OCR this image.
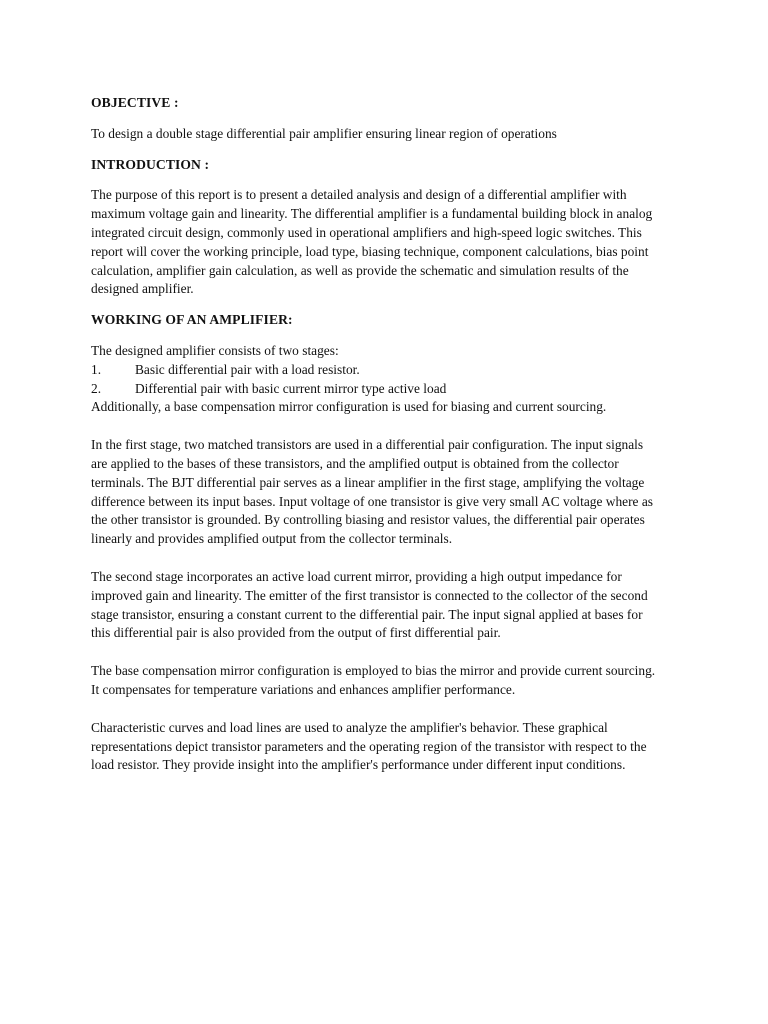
OBJECTIVE :

To design a double stage differential pair amplifier ensuring linear region of operations

INTRODUCTION :

The purpose of this report is to present a detailed analysis and design of a differential amplifier with
maximum voltage gain and linearity. The differential amplifier is a fundamental building block in analog
integrated circuit design, commonly used in operational amplifiers and high-speed logic switches. This
report will cover the working principle, load type, biasing technique, component calculations, bias point
calculation, amplifier gain calculation, as well as provide the schematic and simulation results of the
designed amplifier.

WORKING OF AN AMPLIFIER:
The designed amplifier consists of two stages:
1.	Basic differential pair with a load resistor.
2.	Differential pair with basic current mirror type active load
Additionally, a base compensation mirror configuration is used for biasing and current sourcing.
In the first stage, two matched transistors are used in a differential pair configuration. The input signals
are applied to the bases of these transistors, and the amplified output is obtained from the collector
terminals. The BJT differential pair serves as a linear amplifier in the first stage, amplifying the voltage
difference between its input bases. Input voltage of one transistor is give very small AC voltage where as
the other transistor is grounded. By controlling biasing and resistor values, the differential pair operates
linearly and provides amplified output from the collector terminals.
The second stage incorporates an active load current mirror, providing a high output impedance for
improved gain and linearity. The emitter of the first transistor is connected to the collector of the second
stage transistor, ensuring a constant current to the differential pair. The input signal applied at bases for
this differential pair is also provided from the output of first differential pair.
The base compensation mirror configuration is employed to bias the mirror and provide current sourcing.
It compensates for temperature variations and enhances amplifier performance.
Characteristic curves and load lines are used to analyze the amplifier's behavior. These graphical
representations depict transistor parameters and the operating region of the transistor with respect to the
load resistor. They provide insight into the amplifier's performance under different input conditions.
